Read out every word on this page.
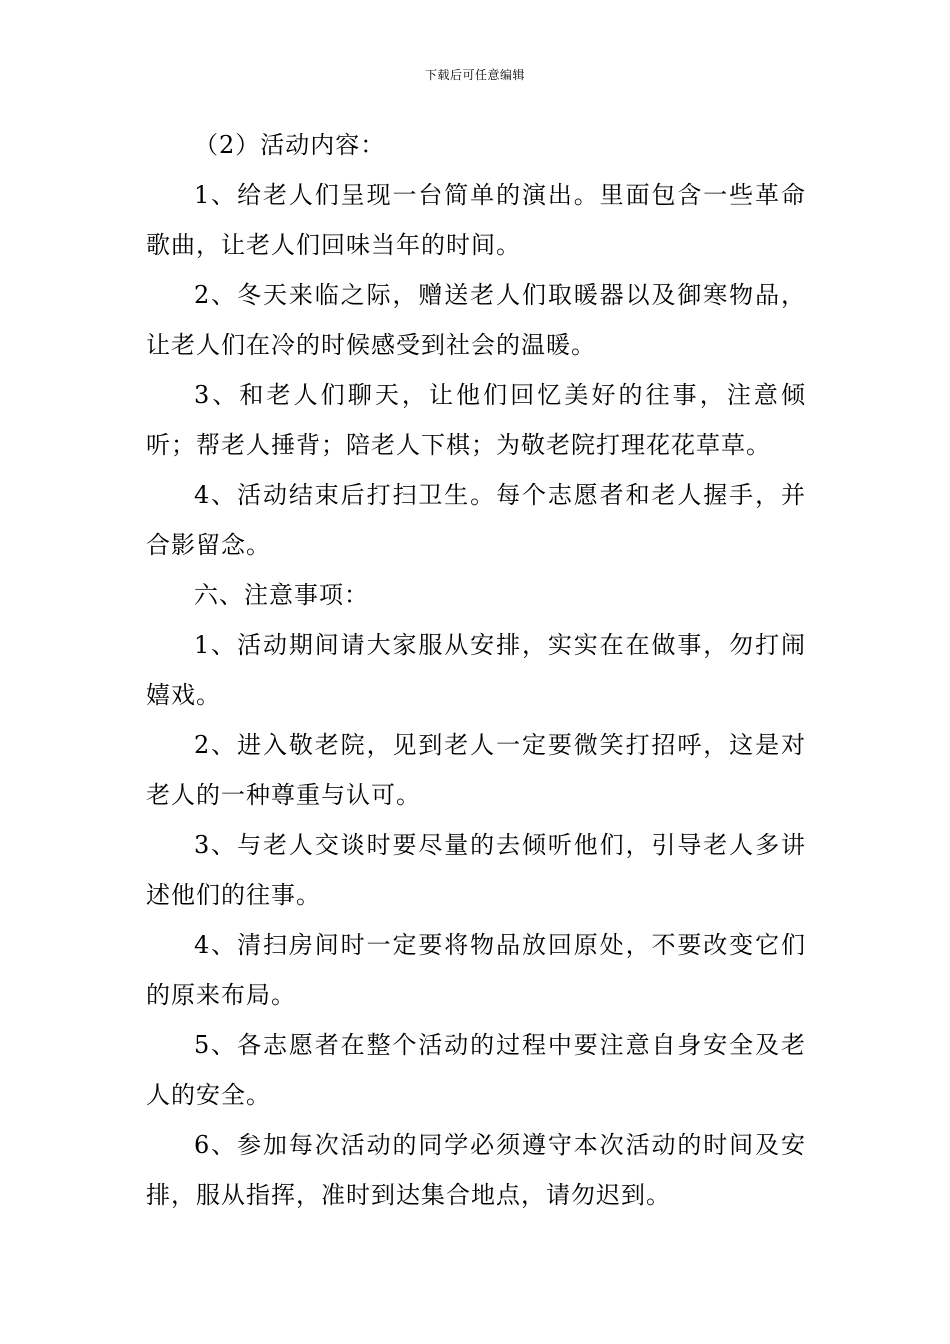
下载后可任意编辑

（2）活动内容：

1、给老人们呈现一台简单的演出。里面包含一些革命歌曲，让老人们回味当年的时间。

2、冬天来临之际，赠送老人们取暖器以及御寒物品，让老人们在冷的时候感受到社会的温暖。

3、和老人们聊天，让他们回忆美好的往事，注意倾听；帮老人捶背；陪老人下棋；为敬老院打理花花草草。

4、活动结束后打扫卫生。每个志愿者和老人握手，并合影留念。

六、注意事项：

1、活动期间请大家服从安排，实实在在做事，勿打闹嬉戏。

2、进入敬老院，见到老人一定要微笑打招呼，这是对老人的一种尊重与认可。

3、与老人交谈时要尽量的去倾听他们，引导老人多讲述他们的往事。

4、清扫房间时一定要将物品放回原处，不要改变它们的原来布局。

5、各志愿者在整个活动的过程中要注意自身安全及老人的安全。

6、参加每次活动的同学必须遵守本次活动的时间及安排，服从指挥，准时到达集合地点，请勿迟到。
